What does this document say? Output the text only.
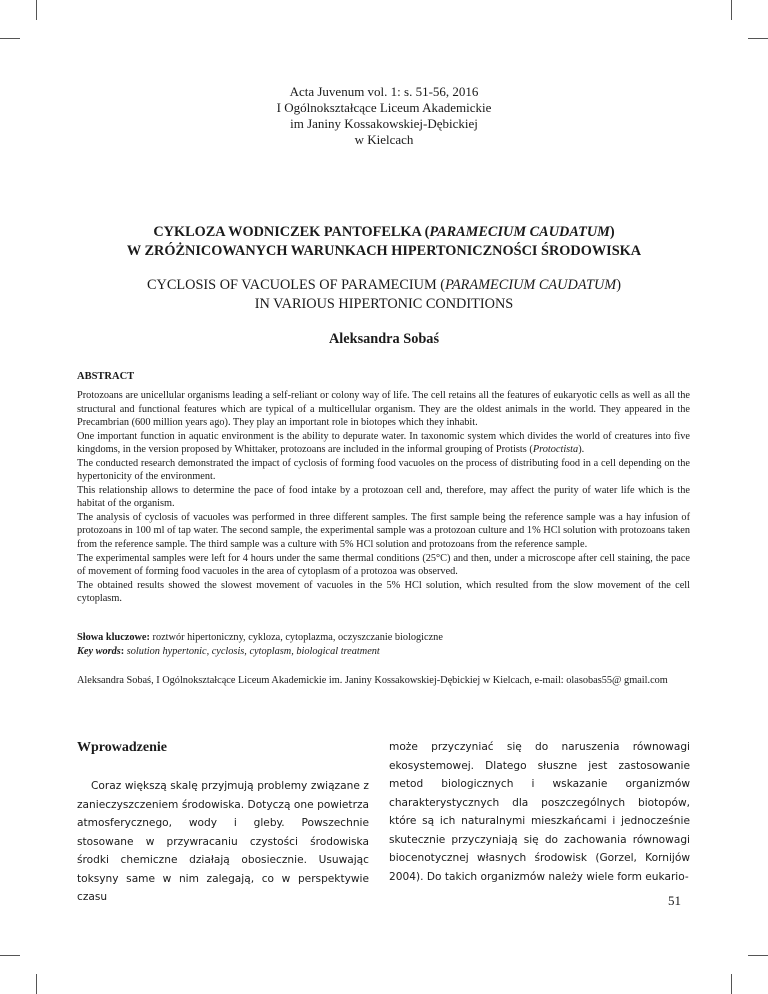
Acta Juvenum vol. 1: s. 51-56, 2016
I Ogólnokształcące Liceum Akademickie
im Janiny Kossakowskiej-Dębickiej
w Kielcach
CYKLOZA WODNICZEK PANTOFELKA (PARAMECIUM CAUDATUM)
W ZRÓŻNICOWANYCH WARUNKACH HIPERTONICZNOŚCI ŚRODOWISKA
CYCLOSIS OF VACUOLES OF PARAMECIUM (PARAMECIUM CAUDATUM)
IN VARIOUS HIPERTONIC CONDITIONS
Aleksandra Sobaś
ABSTRACT

Protozoans are unicellular organisms leading a self-reliant or colony way of life. The cell retains all the features of eukaryotic cells as well as all the structural and functional features which are typical of a multicellular organism. They are the oldest animals in the world. They appeared in the Precambrian (600 million years ago). They play an important role in biotopes which they inhabit.

One important function in aquatic environment is the ability to depurate water. In taxonomic system which divides the world of creatures into five kingdoms, in the version proposed by Whittaker, protozoans are included in the informal grouping of Protists (Protoctista).

The conducted research demonstrated the impact of cyclosis of forming food vacuoles on the process of distributing food in a cell depending on the hypertonicity of the environment.

This relationship allows to determine the pace of food intake by a protozoan cell and, therefore, may affect the purity of water life which is the habitat of the organism.

The analysis of cyclosis of vacuoles was performed in three different samples. The first sample being the reference sample was a hay infusion of protozoans in 100 ml of tap water. The second sample, the experimental sample was a protozoan culture and 1% HCl solution with protozoans taken from the reference sample. The third sample was a culture with 5% HCl solution and protozoans from the reference sample.

The experimental samples were left for 4 hours under the same thermal conditions (25°C) and then, under a microscope after cell staining, the pace of movement of forming food vacuoles in the area of cytoplasm of a protozoa was observed.

The obtained results showed the slowest movement of vacuoles in the 5% HCl solution, which resulted from the slow movement of the cell cytoplasm.

Słowa kluczowe: roztwór hipertoniczny, cykloza, cytoplazma, oczyszczanie biologiczne

Key words: solution hypertonic, cyclosis, cytoplasm, biological treatment

Aleksandra Sobaś, I Ogólnokształcące Liceum Akademickie im. Janiny Kossakowskiej-Dębickiej w Kielcach, e-mail: olasobas55@ gmail.com
Wprowadzenie

Coraz większą skalę przyjmują problemy związane z zanieczyszczeniem środowiska. Dotyczą one powietrza atmosferycznego, wody i gleby. Powszechnie stosowane w przywracaniu czystości środowiska środki chemiczne działają obosiecznie. Usuwając toksyny same w nim zalegają, co w perspektywie czasu

może przyczyniać się do naruszenia równowagi ekosystemowej. Dlatego słuszne jest zastosowanie metod biologicznych i wskazanie organizmów charakterystycznych dla poszczególnych biotopów, które są ich naturalnymi mieszkańcami i jednocześnie skutecznie przyczyniają się do zachowania równowagi biocenotycznej własnych środowisk (Gorzel, Kornijów 2004). Do takich organizmów należy wiele form eukario-

51
